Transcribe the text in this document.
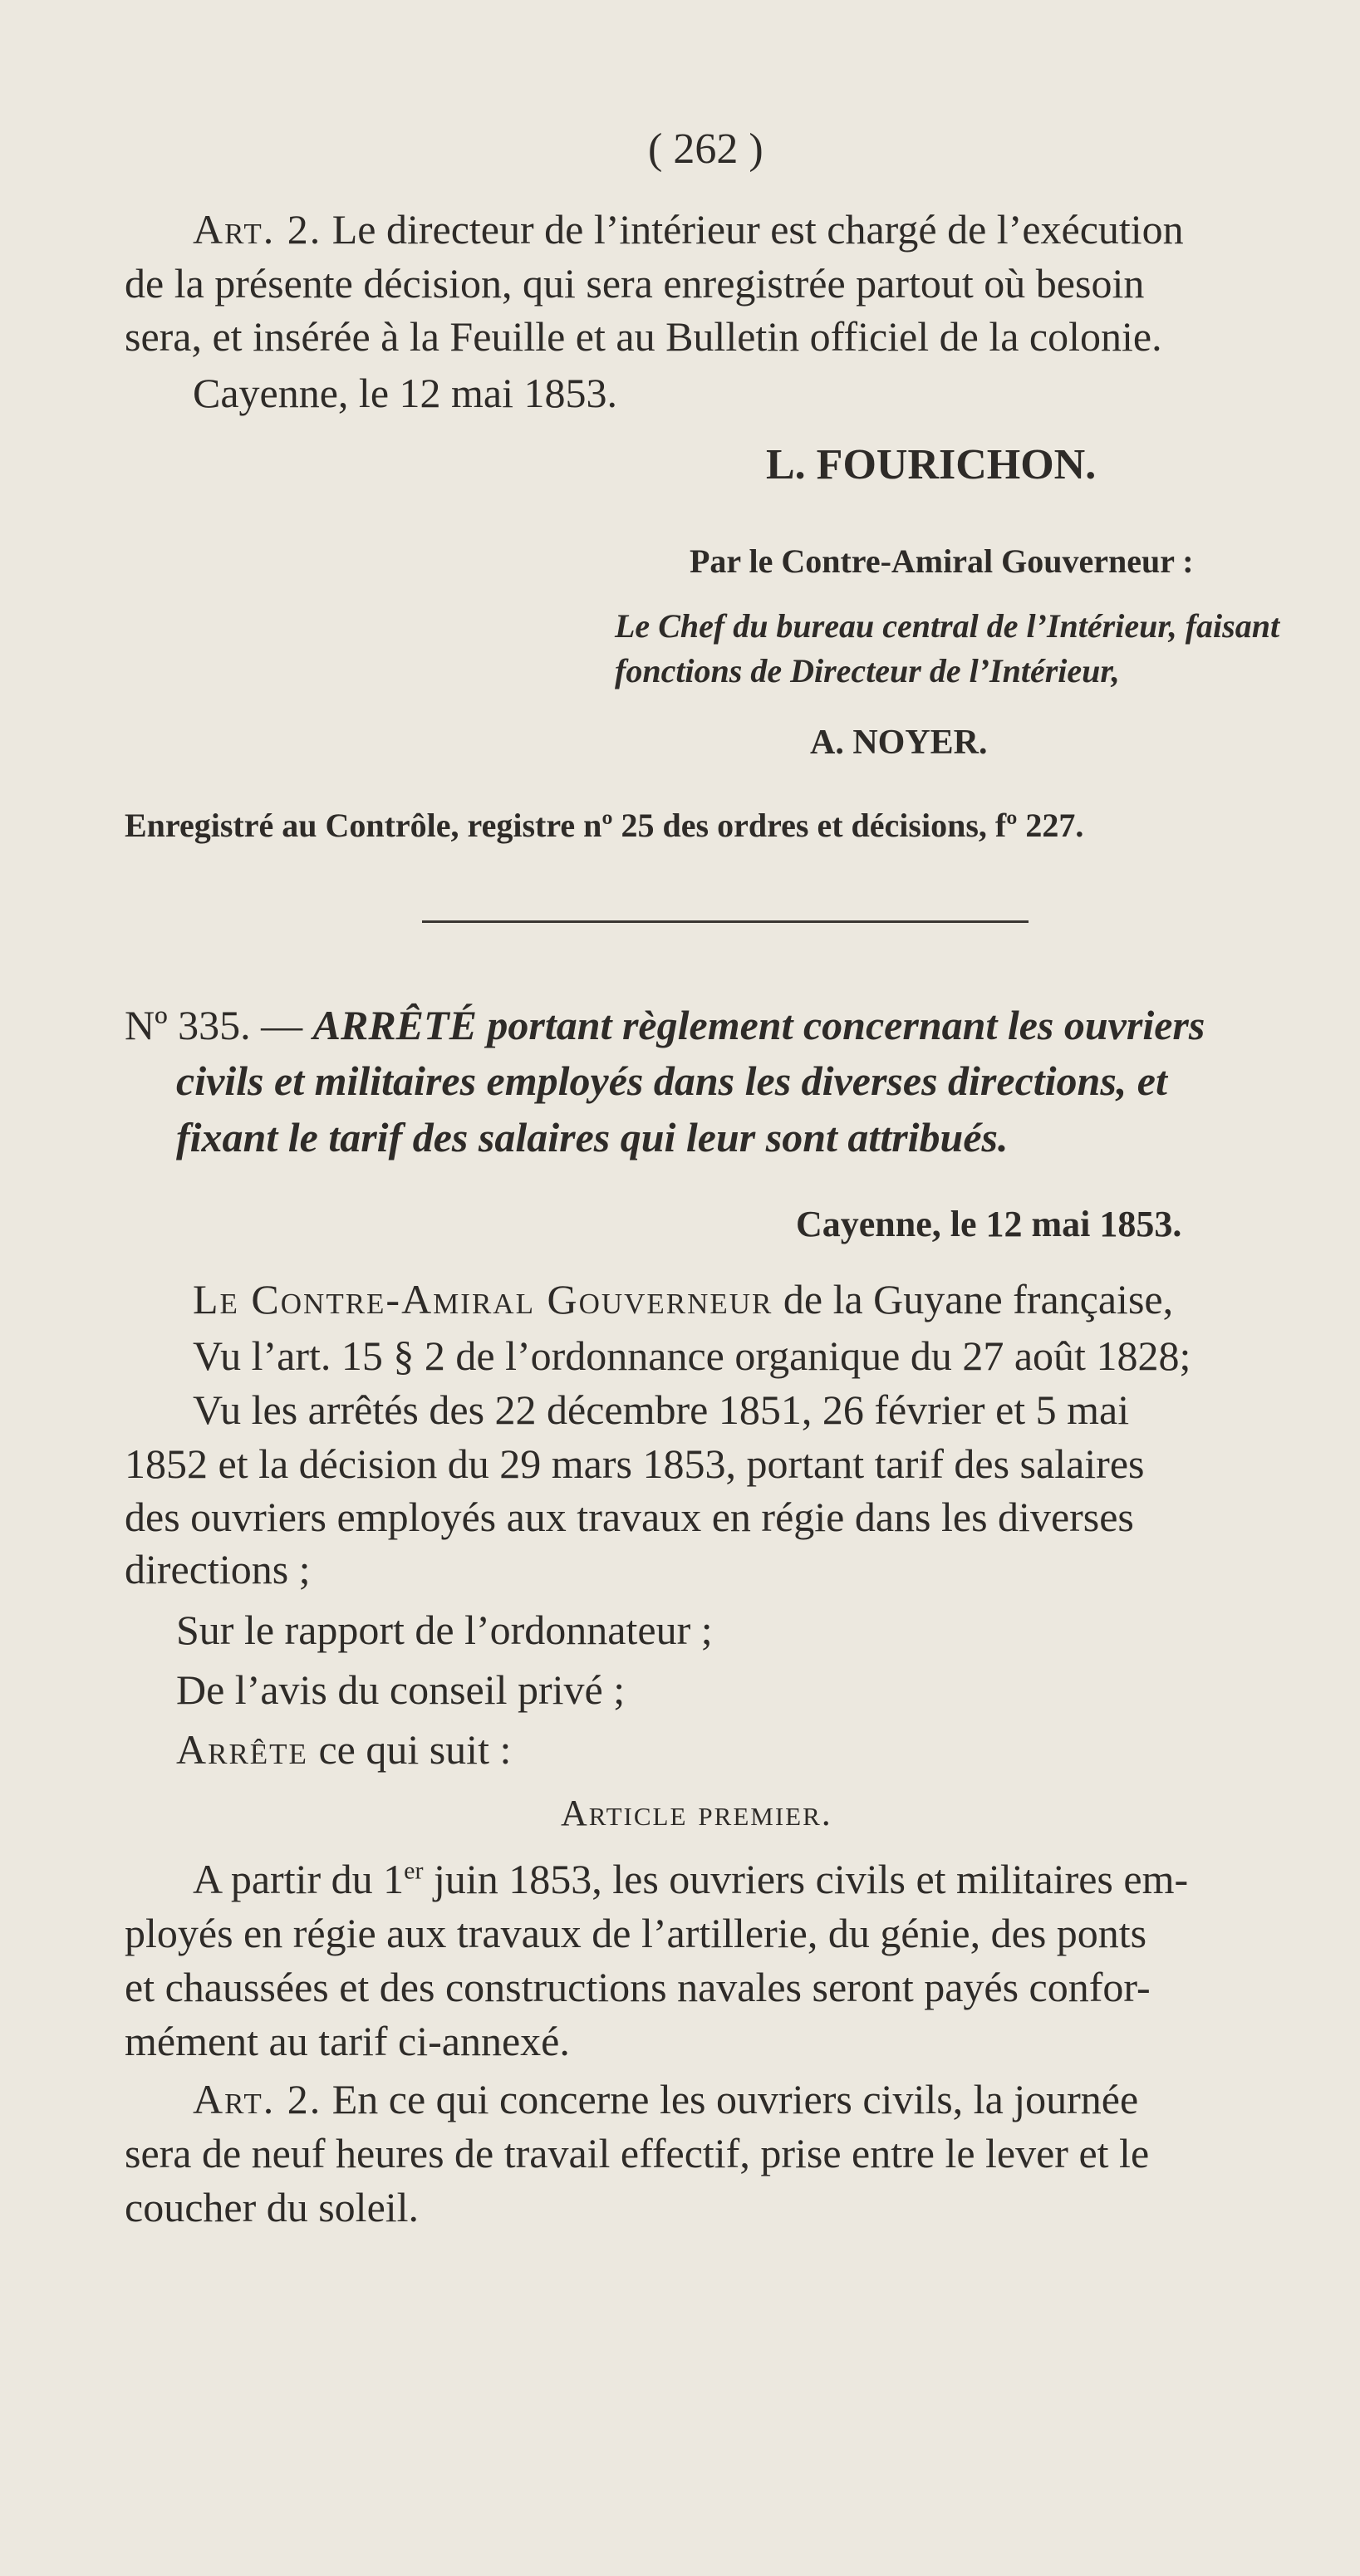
( 262 )
Art. 2. Le directeur de l’intérieur est chargé de l’exécution
de la présente décision, qui sera enregistrée partout où besoin
sera, et insérée à la Feuille et au Bulletin officiel de la colonie.
Cayenne, le 12 mai 1853.
L. FOURICHON.
Par le Contre-Amiral Gouverneur :
Le Chef du bureau central de l’Intérieur, faisant
fonctions de Directeur de l’Intérieur,
A. NOYER.
Enregistré au Contrôle, registre nº 25 des ordres et décisions, fº 227.
Nº 335. — ARRÊTÉ portant règlement concernant les ouvriers
civils et militaires employés dans les diverses directions, et
fixant le tarif des salaires qui leur sont attribués.
Cayenne, le 12 mai 1853.
Le Contre-Amiral Gouverneur de la Guyane française,
Vu l’art. 15 § 2 de l’ordonnance organique du 27 août 1828;
Vu les arrêtés des 22 décembre 1851, 26 février et 5 mai
1852 et la décision du 29 mars 1853, portant tarif des salaires
des ouvriers employés aux travaux en régie dans les diverses
directions ;
Sur le rapport de l’ordonnateur ;
De l’avis du conseil privé ;
Arrête ce qui suit :
Article premier.
A partir du 1er juin 1853, les ouvriers civils et militaires em-
ployés en régie aux travaux de l’artillerie, du génie, des ponts
et chaussées et des constructions navales seront payés confor-
mément au tarif ci-annexé.
Art. 2. En ce qui concerne les ouvriers civils, la journée
sera de neuf heures de travail effectif, prise entre le lever et le
coucher du soleil.
